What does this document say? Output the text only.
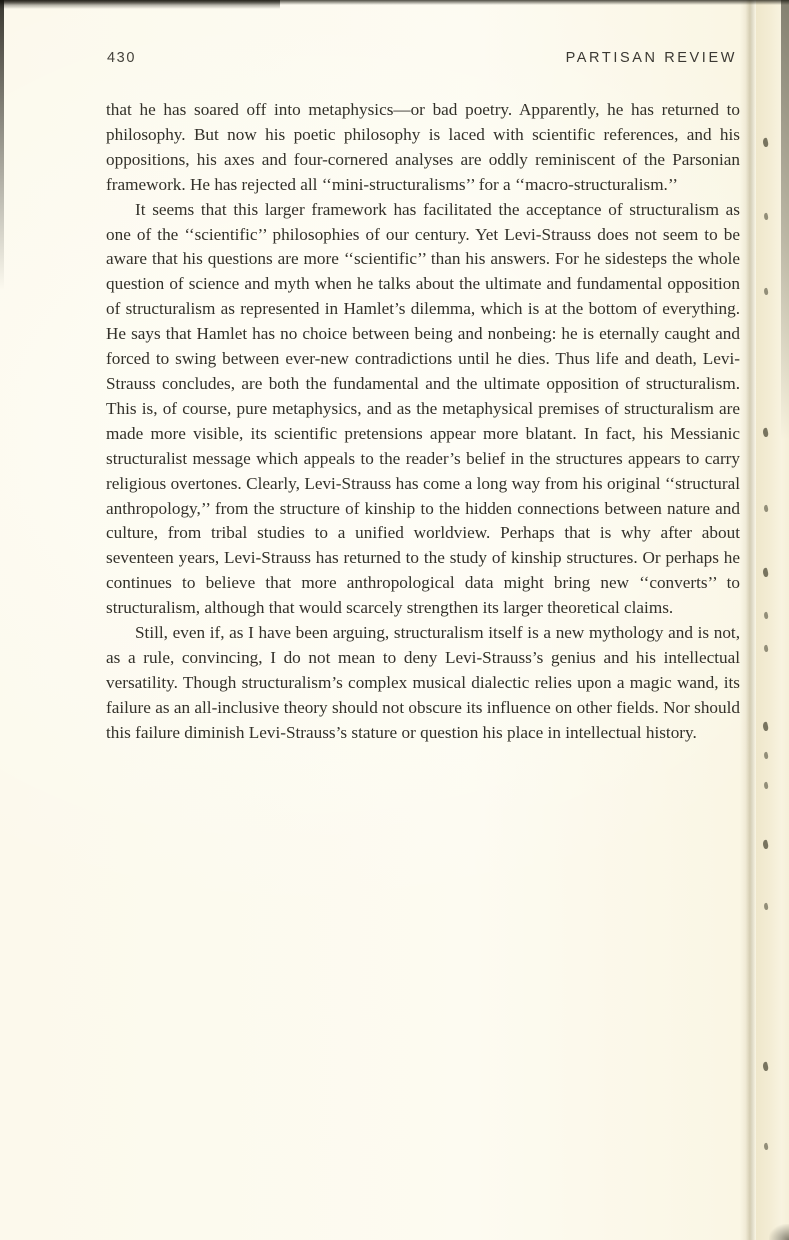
430	PARTISAN REVIEW

that he has soared off into metaphysics—or bad poetry. Apparently, he has returned to philosophy. But now his poetic philosophy is laced with scientific references, and his oppositions, his axes and four-cornered analyses are oddly reminiscent of the Parsonian framework. He has rejected all ‘‘mini-structuralisms’’ for a ‘‘macro-structuralism.’’

It seems that this larger framework has facilitated the acceptance of structuralism as one of the ‘‘scientific’’ philosophies of our century. Yet Levi-Strauss does not seem to be aware that his questions are more ‘‘scientific’’ than his answers. For he sidesteps the whole question of science and myth when he talks about the ultimate and fundamental opposition of structuralism as represented in Hamlet’s dilemma, which is at the bottom of everything. He says that Hamlet has no choice between being and nonbeing: he is eternally caught and forced to swing between ever-new contradictions until he dies. Thus life and death, Levi-Strauss concludes, are both the fundamental and the ultimate opposition of structuralism. This is, of course, pure metaphysics, and as the metaphysical premises of structuralism are made more visible, its scientific pretensions appear more blatant. In fact, his Messianic structuralist message which appeals to the reader’s belief in the structures appears to carry religious overtones. Clearly, Levi-Strauss has come a long way from his original ‘‘structural anthropology,’’ from the structure of kinship to the hidden connections between nature and culture, from tribal studies to a unified worldview. Perhaps that is why after about seventeen years, Levi-Strauss has returned to the study of kinship structures. Or perhaps he continues to believe that more anthropological data might bring new ‘‘converts’’ to structuralism, although that would scarcely strengthen its larger theoretical claims.

Still, even if, as I have been arguing, structuralism itself is a new mythology and is not, as a rule, convincing, I do not mean to deny Levi-Strauss’s genius and his intellectual versatility. Though structuralism’s complex musical dialectic relies upon a magic wand, its failure as an all-inclusive theory should not obscure its influence on other fields. Nor should this failure diminish Levi-Strauss’s stature or question his place in intellectual history.
